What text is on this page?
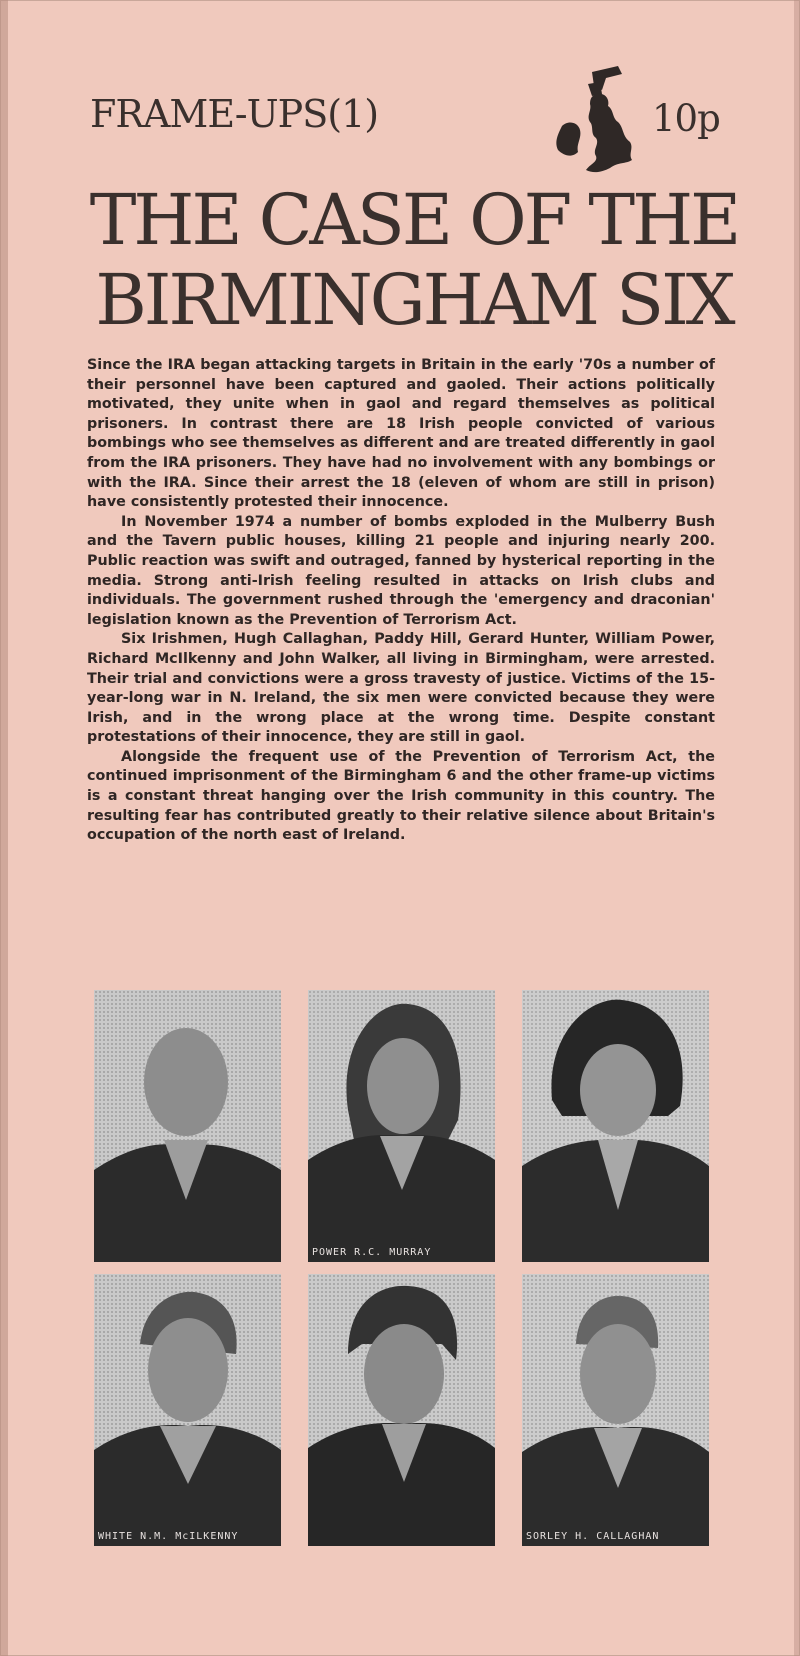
FRAME-UPS(1)	10p
THE CASE OF THE
BIRMINGHAM SIX

Since the IRA began attacking targets in Britain in the early '70s a number of their personnel have been captured and gaoled. Their actions politically motivated, they unite when in gaol and regard themselves as political prisoners. In contrast there are 18 Irish people convicted of various bombings who see themselves as different and are treated differently in gaol from the IRA prisoners. They have had no involvement with any bombings or with the IRA. Since their arrest the 18 (eleven of whom are still in prison) have consistently protested their innocence.

In November 1974 a number of bombs exploded in the Mulberry Bush and the Tavern public houses, killing 21 people and injuring nearly 200. Public reaction was swift and outraged, fanned by hysterical reporting in the media. Strong anti-Irish feeling resulted in attacks on Irish clubs and individuals. The government rushed through the 'emergency and draconian' legislation known as the Prevention of Terrorism Act.

Six Irishmen, Hugh Callaghan, Paddy Hill, Gerard Hunter, William Power, Richard McIlkenny and John Walker, all living in Birmingham, were arrested. Their trial and convictions were a gross travesty of justice. Victims of the 15-year-long war in N. Ireland, the six men were convicted because they were Irish, and in the wrong place at the wrong time. Despite constant protestations of their innocence, they are still in gaol.

Alongside the frequent use of the Prevention of Terrorism Act, the continued imprisonment of the Birmingham 6 and the other frame-up victims is a constant threat hanging over the Irish community in this country. The resulting fear has contributed greatly to their relative silence about Britain's occupation of the north east of Ireland.

POWER R.C. MURRAY
WHITE N.M. McILKENNY	SORLEY H. CALLAGHAN
